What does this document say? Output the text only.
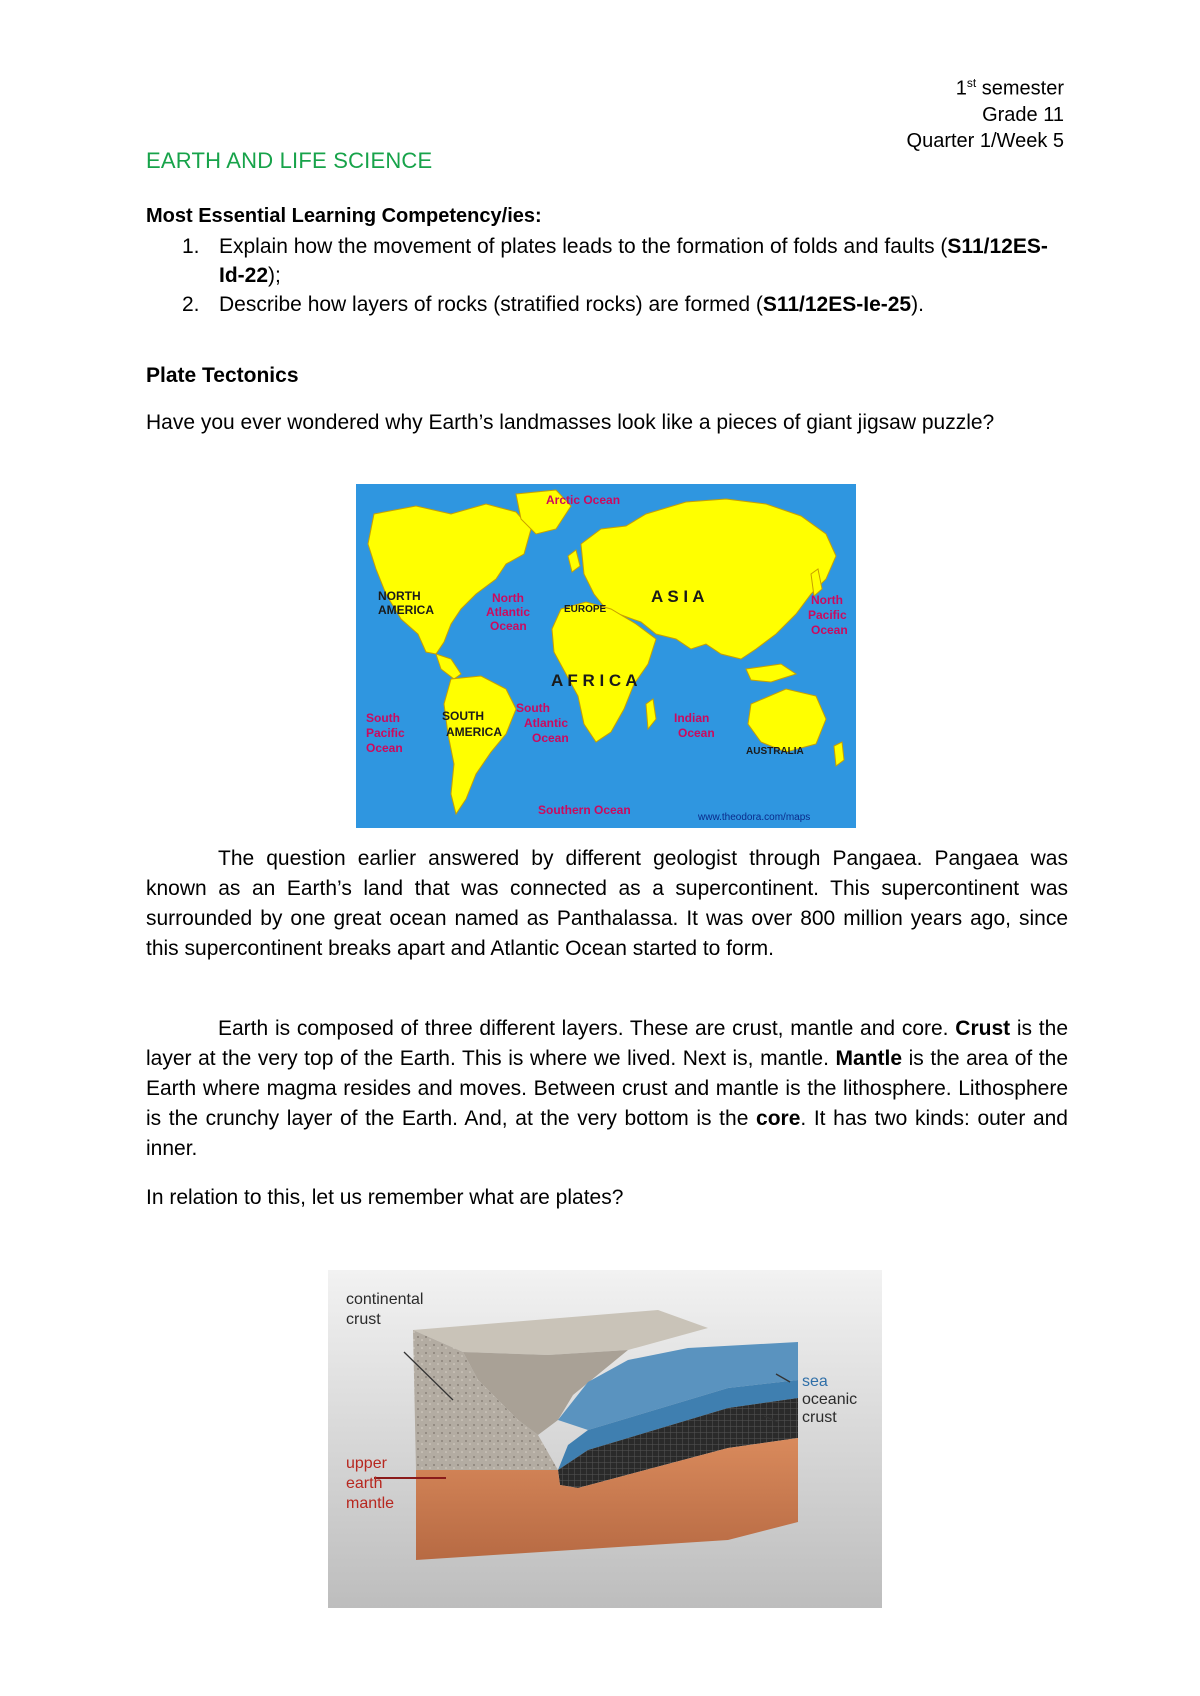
1st semester
Grade 11
Quarter 1/Week 5
EARTH AND LIFE SCIENCE
Most Essential Learning Competency/ies:
1. Explain how the movement of plates leads to the formation of folds and faults (S11/12ES-Id-22);
2. Describe how layers of rocks (stratified rocks) are formed (S11/12ES-Ie-25).
Plate Tectonics
Have you ever wondered why Earth’s landmasses look like a pieces of giant jigsaw puzzle?
Arctic Ocean
North
Atlantic
Ocean
North
Pacific
Ocean
South
Pacific
Ocean
South
Atlantic
Ocean
Indian
Ocean
Southern Ocean
NORTH
AMERICA	EUROPE
A S I A
A F R I C A
SOUTH
AMERICA
AUSTRALIA
www.theodora.com/maps

The question earlier answered by different geologist through Pangaea. Pangaea was known as an Earth’s land that was connected as a supercontinent. This supercontinent was surrounded by one great ocean named as Panthalassa. It was over 800 million years ago, since this supercontinent breaks apart and Atlantic Ocean started to form.

Earth is composed of three different layers. These are crust, mantle and core. Crust is the layer at the very top of the Earth. This is where we lived. Next is, mantle. Mantle is the area of the Earth where magma resides and moves. Between crust and mantle is the lithosphere. Lithosphere is the crunchy layer of the Earth. And, at the very bottom is the core. It has two kinds: outer and inner.

In relation to this, let us remember what are plates?
continental
crust
sea
oceanic
crust
upper
earth
mantle
